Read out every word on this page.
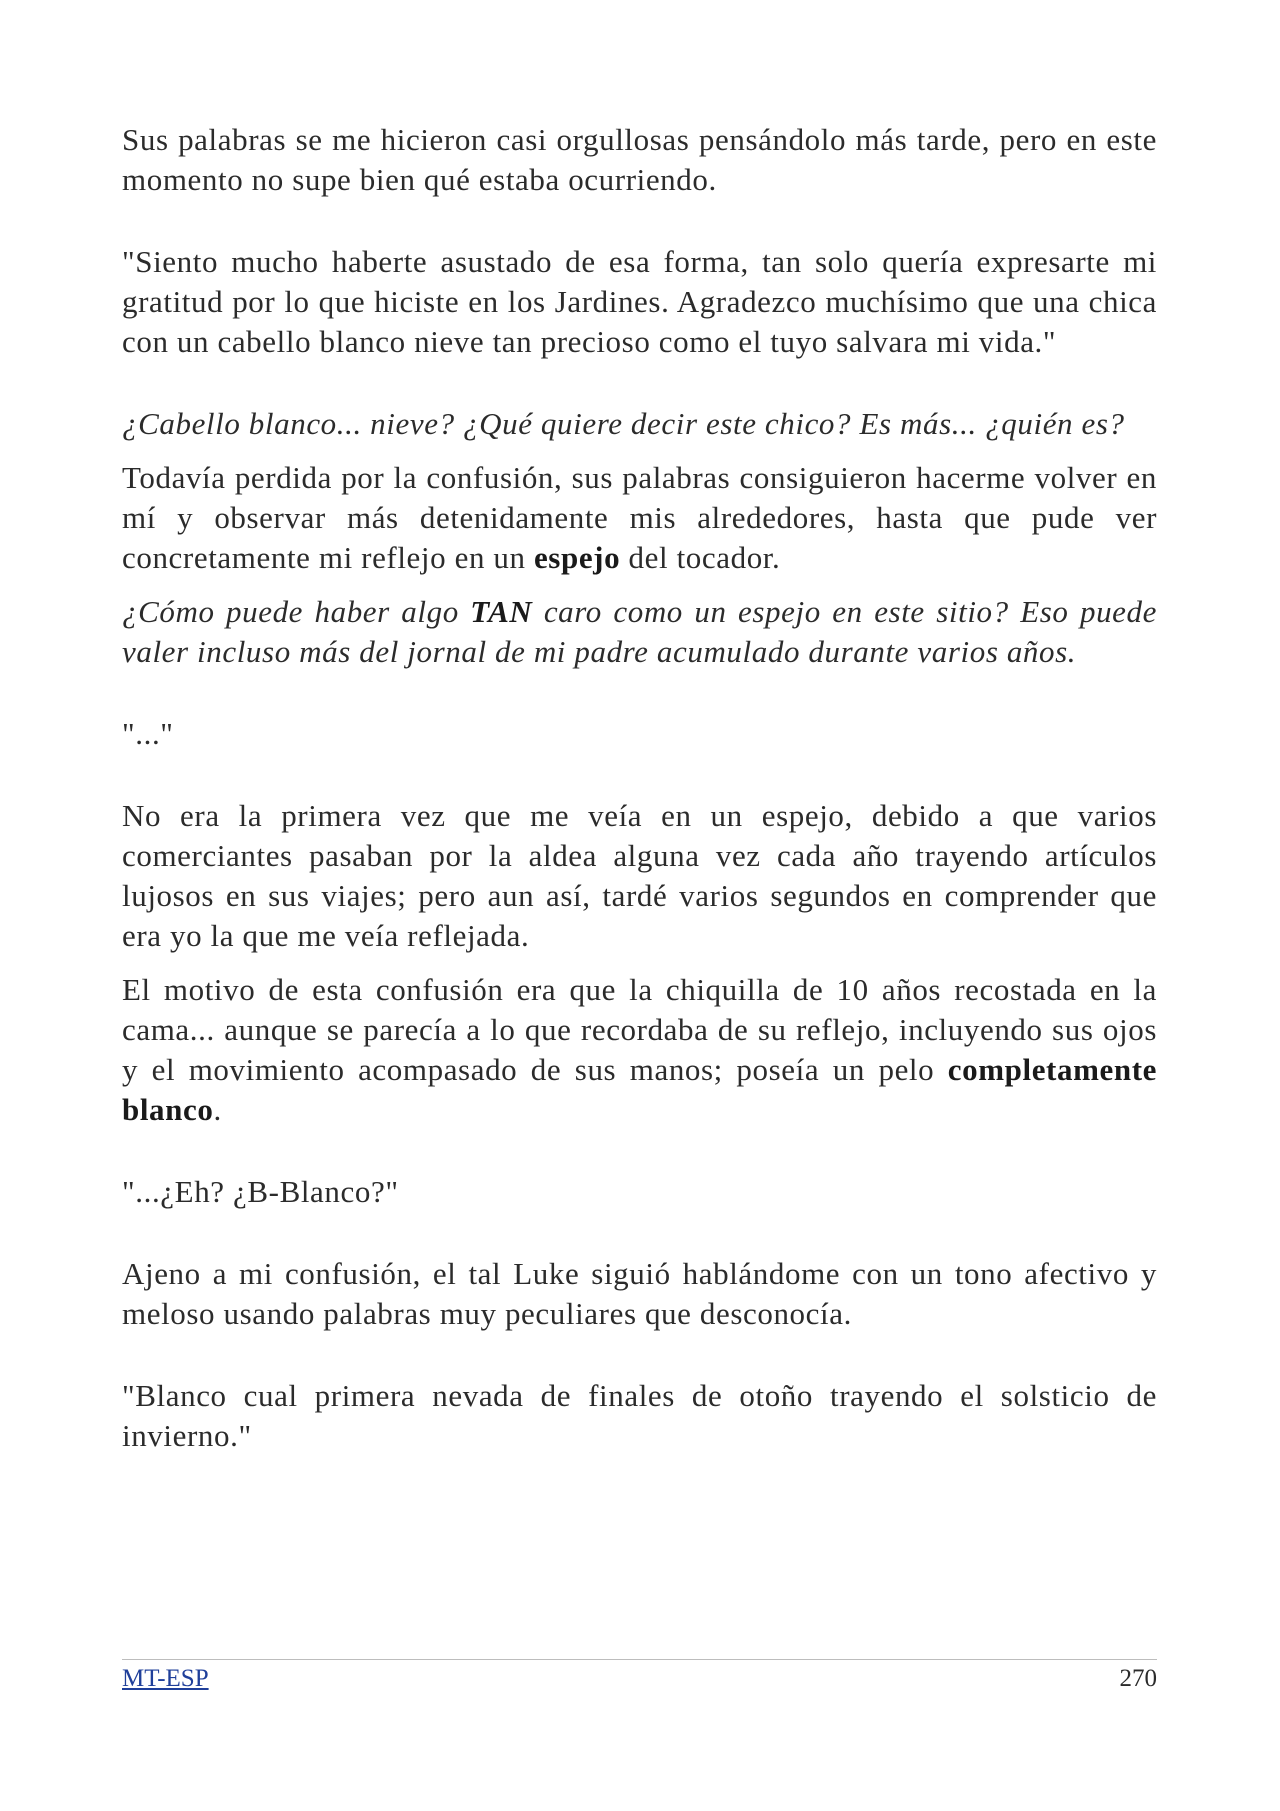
Sus palabras se me hicieron casi orgullosas pensándolo más tarde, pero en este momento no supe bien qué estaba ocurriendo.

"Siento mucho haberte asustado de esa forma, tan solo quería expresarte mi gratitud por lo que hiciste en los Jardines. Agradezco muchísimo que una chica con un cabello blanco nieve tan precioso como el tuyo salvara mi vida."

¿Cabello blanco... nieve? ¿Qué quiere decir este chico? Es más... ¿quién es?

Todavía perdida por la confusión, sus palabras consiguieron hacerme volver en mí y observar más detenidamente mis alrededores, hasta que pude ver concretamente mi reflejo en un espejo del tocador.

¿Cómo puede haber algo TAN caro como un espejo en este sitio? Eso puede valer incluso más del jornal de mi padre acumulado durante varios años.

"..."

No era la primera vez que me veía en un espejo, debido a que varios comerciantes pasaban por la aldea alguna vez cada año trayendo artículos lujosos en sus viajes; pero aun así, tardé varios segundos en comprender que era yo la que me veía reflejada.

El motivo de esta confusión era que la chiquilla de 10 años recostada en la cama... aunque se parecía a lo que recordaba de su reflejo, incluyendo sus ojos y el movimiento acompasado de sus manos; poseía un pelo completamente blanco.

"...¿Eh? ¿B-Blanco?"

Ajeno a mi confusión, el tal Luke siguió hablándome con un tono afectivo y meloso usando palabras muy peculiares que desconocía.

"Blanco cual primera nevada de finales de otoño trayendo el solsticio de invierno."

MT-ESP	270
